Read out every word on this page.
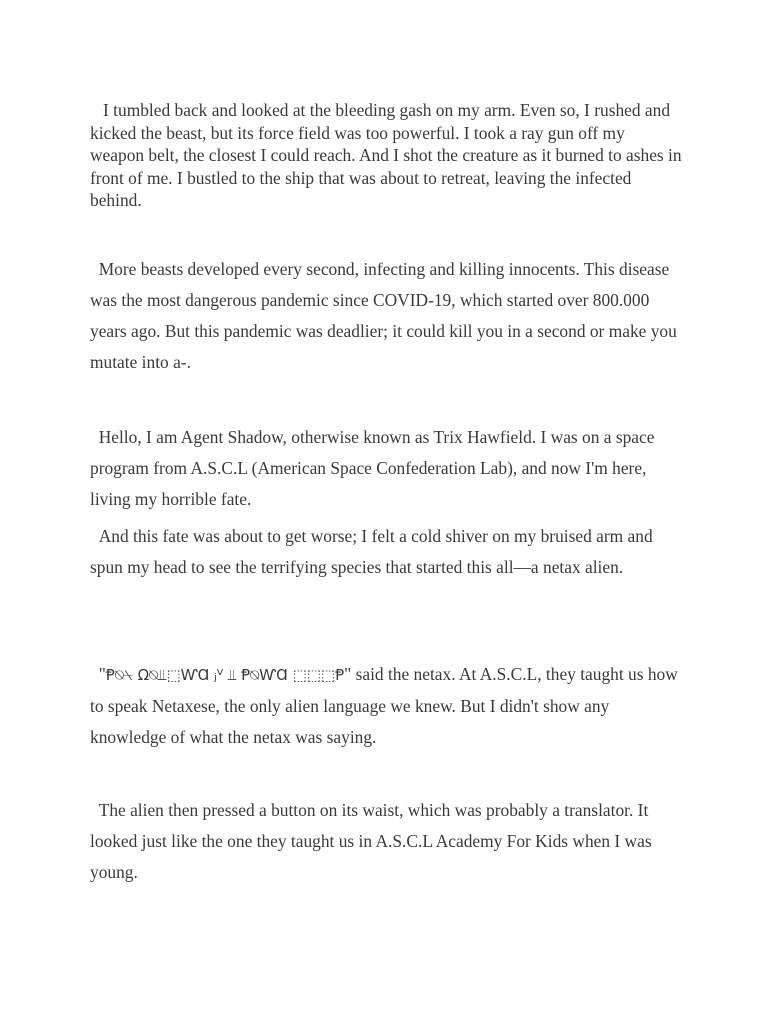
I tumbled back and looked at the bleeding gash on my arm. Even so, I rushed and kicked the beast, but its force field was too powerful. I took a ray gun off my weapon belt, the closest I could reach. And I shot the creature as it burned to ashes in front of me. I bustled to the ship that was about to retreat, leaving the infected behind.

More beasts developed every second, infecting and killing innocents. This disease was the most dangerous pandemic since COVID-19, which started over 800.000 years ago. But this pandemic was deadlier; it could kill you in a second or make you mutate into a-.

Hello, I am Agent Shadow, otherwise known as Trix Hawfield. I was on a space program from A.S.C.L (American Space Confederation Lab), and now I'm here, living my horrible fate.

And this fate was about to get worse; I felt a cold shiver on my bruised arm and spun my head to see the terrifying species that started this all—a netax alien.

"Ᵽ⍉⍀ Ω⍉⫫⬚ⱲⱭ ⱼⱽ ⫫ Ᵽ⍉ⱲⱭ ⬚⬚⬚Ᵽ" said the netax. At A.S.C.L, they taught us how to speak Netaxese, the only alien language we knew. But I didn't show any knowledge of what the netax was saying.

The alien then pressed a button on its waist, which was probably a translator. It looked just like the one they taught us in A.S.C.L Academy For Kids when I was young.
